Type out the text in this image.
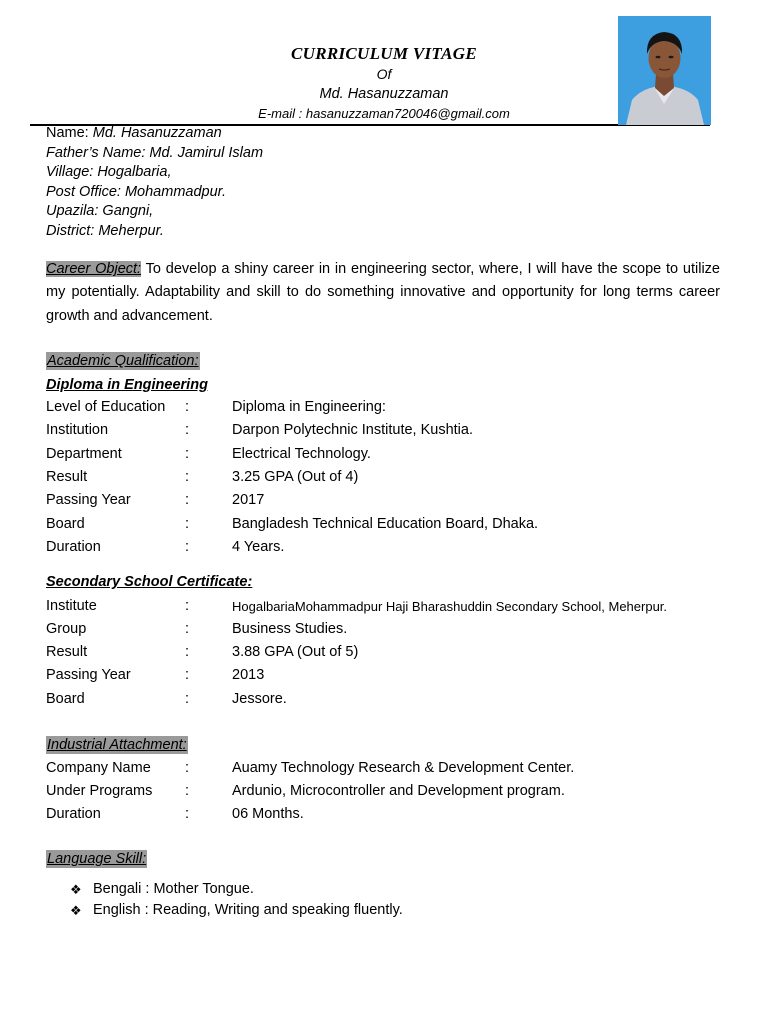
CURRICULUM VITAGE
Of
Md. Hasanuzzaman
E-mail : hasanuzzaman720046@gmail.com
Name: Md. Hasanuzzaman
Father’s Name: Md. Jamirul Islam
Village: Hogalbaria,
Post Office: Mohammadpur.
Upazila: Gangni,
District: Meherpur.
Career Object: To develop a shiny career in in engineering sector, where, I will have the scope to utilize my potentially. Adaptability and skill to do something innovative and opportunity for long terms career growth and advancement.
Academic Qualification:
Diploma in Engineering
Level of Education :	Diploma in Engineering:
Institution	:	Darpon Polytechnic Institute, Kushtia.
Department	:	Electrical Technology.
Result	:	3.25 GPA (Out of 4)
Passing Year	:	2017
Board	:	Bangladesh Technical Education Board, Dhaka.
Duration	:	4 Years.
Secondary School Certificate:
Institute	:	HogalbariaMohammadpur Haji Bharashuddin Secondary School, Meherpur.
Group	:	Business Studies.
Result	:	3.88 GPA (Out of 5)
Passing Year	:	2013
Board	:	Jessore.
Industrial Attachment:
Company Name :	Auamy Technology Research & Development Center.
Under Programs :	Ardunio, Microcontroller and Development program.
Duration	:	06 Months.
Language Skill:
❖ Bengali : Mother Tongue.
❖ English : Reading, Writing and speaking fluently.
